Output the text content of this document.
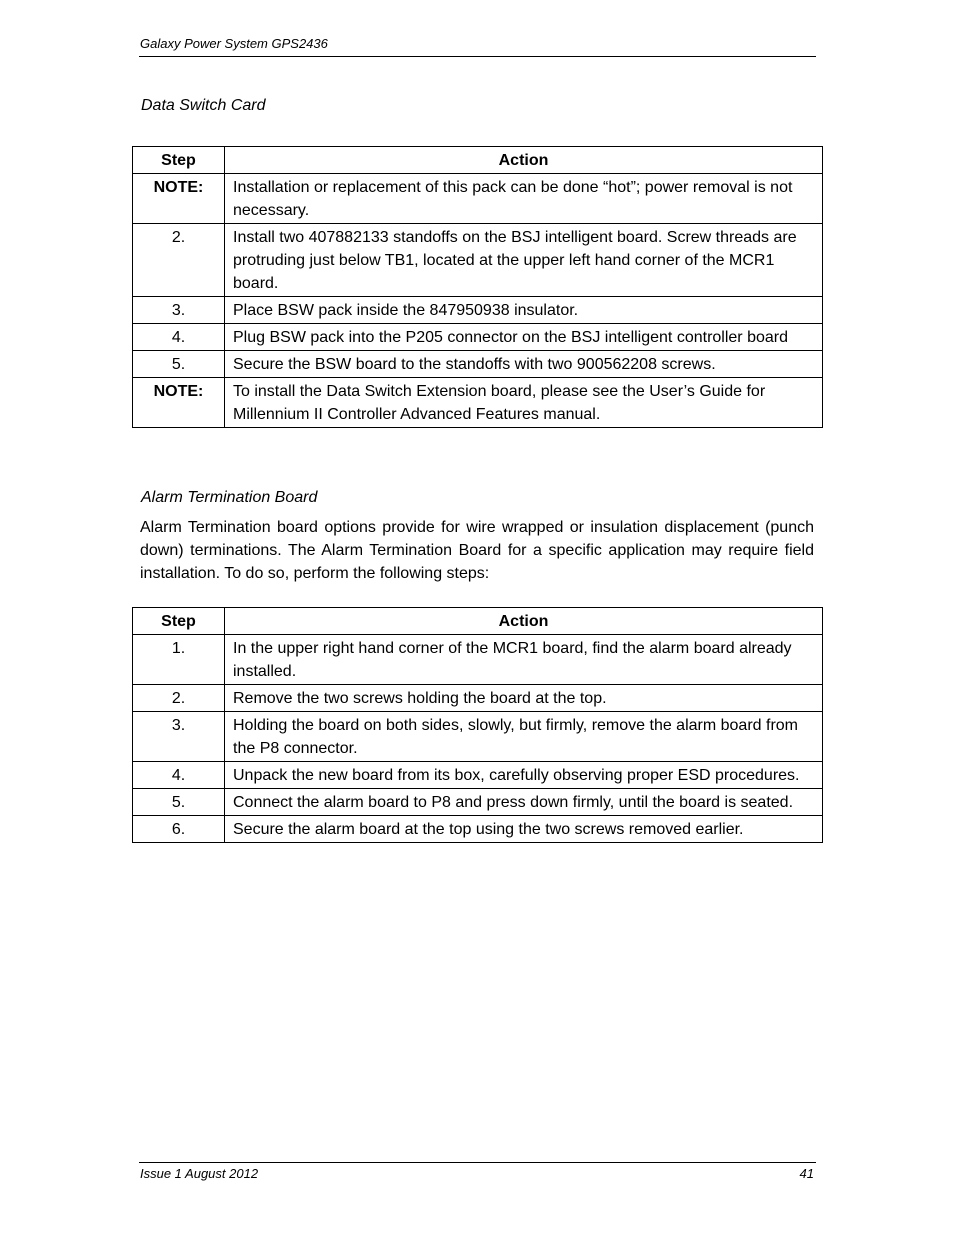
Galaxy Power System GPS2436
Data Switch Card
Step	Action
NOTE:	Installation or replacement of this pack can be done “hot”; power removal is not necessary.
2.	Install two 407882133 standoffs on the BSJ intelligent board. Screw threads are protruding just below TB1, located at the upper left hand corner of the MCR1 board.
3.	Place BSW pack inside the 847950938 insulator.
4.	Plug BSW pack into the P205 connector on the BSJ intelligent controller board
5.	Secure the BSW board to the standoffs with two 900562208 screws.
NOTE:	To install the Data Switch Extension board, please see the User’s Guide for Millennium II Controller Advanced Features manual.
Alarm Termination Board

Alarm Termination board options provide for wire wrapped or insulation displacement (punch down) terminations. The Alarm Termination Board for a specific application may require field installation. To do so, perform the following steps:

Step	Action
1.	In the upper right hand corner of the MCR1 board, find the alarm board already installed.
2.	Remove the two screws holding the board at the top.
3.	Holding the board on both sides, slowly, but firmly, remove the alarm board from the P8 connector.
4.	Unpack the new board from its box, carefully observing proper ESD procedures.
5.	Connect the alarm board to P8 and press down firmly, until the board is seated.
6.	Secure the alarm board at the top using the two screws removed earlier.
Issue 1 August 2012	41
